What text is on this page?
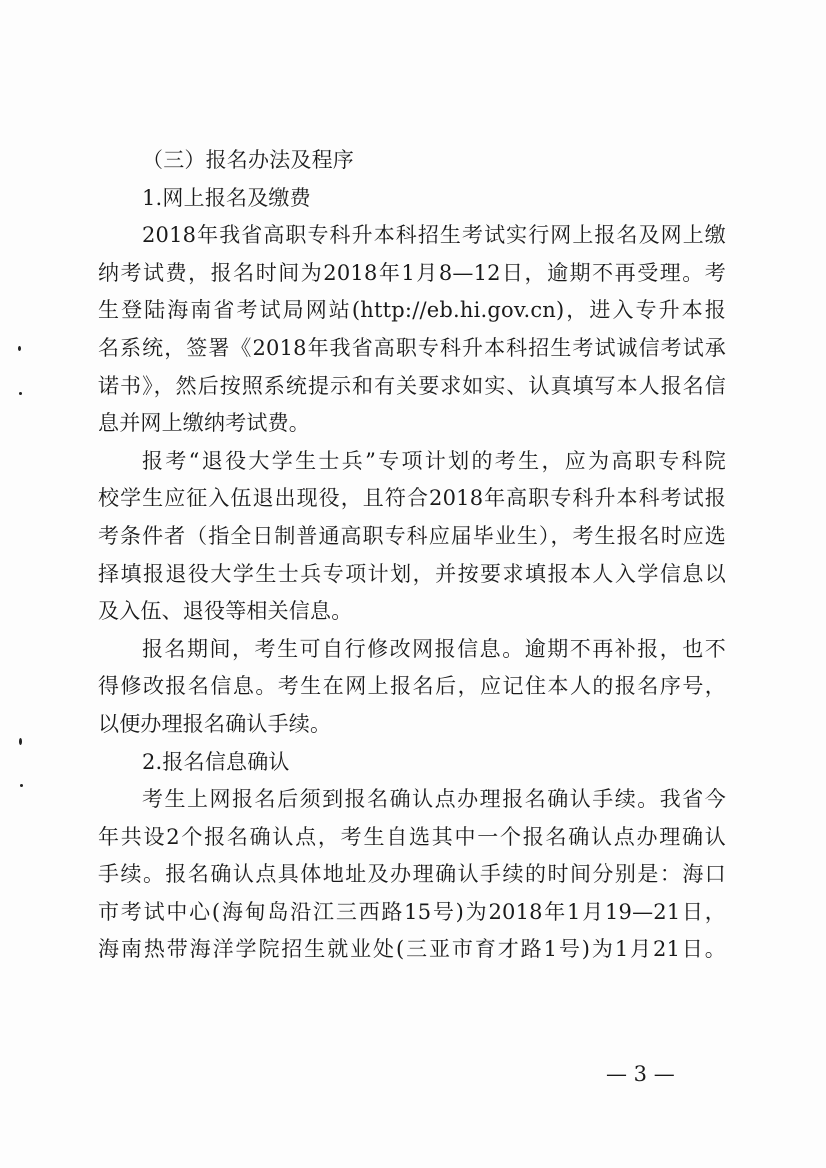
（三）报名办法及程序
1.网上报名及缴费
2018年我省高职专科升本科招生考试实行网上报名及网上缴
纳考试费，报名时间为2018年1月8—12日，逾期不再受理。考
生登陆海南省考试局网站(http://eb.hi.gov.cn)，进入专升本报
名系统，签署《2018年我省高职专科升本科招生考试诚信考试承
诺书》，然后按照系统提示和有关要求如实、认真填写本人报名信
息并网上缴纳考试费。
报考“退役大学生士兵”专项计划的考生，应为高职专科院
校学生应征入伍退出现役，且符合2018年高职专科升本科考试报
考条件者（指全日制普通高职专科应届毕业生），考生报名时应选
择填报退役大学生士兵专项计划，并按要求填报本人入学信息以
及入伍、退役等相关信息。
报名期间，考生可自行修改网报信息。逾期不再补报，也不
得修改报名信息。考生在网上报名后，应记住本人的报名序号，
以便办理报名确认手续。
2.报名信息确认
考生上网报名后须到报名确认点办理报名确认手续。我省今
年共设2个报名确认点，考生自选其中一个报名确认点办理确认
手续。报名确认点具体地址及办理确认手续的时间分别是：海口
市考试中心(海甸岛沿江三西路15号)为2018年1月19—21日，
海南热带海洋学院招生就业处(三亚市育才路1号)为1月21日。
— 3 —
